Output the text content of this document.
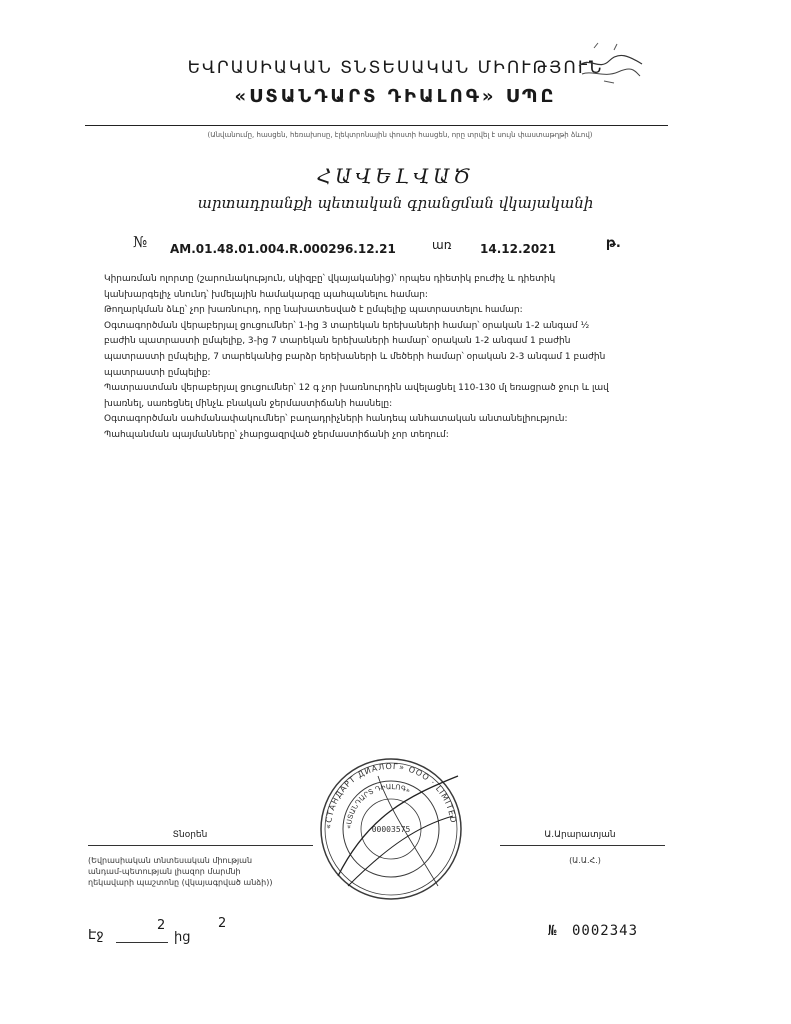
ԵՎՐԱՍԻԱԿԱՆ ՏՆՏԵՍԱԿԱՆ ՄԻՈՒԹՅՈՒՆ
«ՍՏԱՆԴԱՐՏ ԴԻԱԼՈԳ» ՍՊԸ
(Անվանումը, հասցեն, հեռախոսը, էլեկտրոնային փոստի հասցեն, որը տրվել է սույն փաստաթղթի ձևով)
ՀԱՎԵԼՎԱԾ
արտադրանքի պետական գրանցման վկայականի
№ AM.01.48.01.004.R.000296.12.21	առ 14.12.2021	թ.

Կիրառման ոլորտը (շարունակություն, սկիզբը՝ վկայականից)՝ որպես դիետիկ բուժիչ և դիետիկ

կանխարգելիչ սնունդ՝ խմելային համակարգը պահպանելու համար:

Թողարկման ձևը՝ չոր խառնուրդ, որը նախատեսված է ըմպելիք պատրաստելու համար:

Օգտագործման վերաբերյալ ցուցումներ՝ 1-ից 3 տարեկան երեխաների համար՝ օրական 1-2 անգամ ½

բաժին պատրաստի ըմպելիք, 3-ից 7 տարեկան երեխաների համար՝ օրական 1-2 անգամ 1 բաժին

պատրաստի ըմպելիք, 7 տարեկանից բարձր երեխաների և մեծերի համար՝ օրական 2-3 անգամ 1 բաժին

պատրաստի ըմպելիք:

Պատրաստման վերաբերյալ ցուցումներ՝ 12 գ չոր խառնուրդին ավելացնել 110-130 մլ եռացրած ջուր և լավ

խառնել, սառեցնել մինչև բնական ջերմաստիճանի հասնելը:

Օգտագործման սահմանափակումներ՝ բաղադրիչների հանդեպ անհատական անտանելիություն:

Պահպանման պայմանները՝ չհարցազրված ջերմաստիճանի չոր տեղում:

Տնօրեն
(Եվրասիական տնտեսական միության
անդամ-պետության լիազոր մարմնի
ղեկավարի պաշտոնը (վկայագրված անձի))
Ա.Արարատյան
(Ա.Ա.Հ.)
«СТАНДАРТ ДИАЛОГ» ООО · LIMITED
«ՍՏԱՆԴԱՐՏ ԴԻԱԼՈԳ»
00003575
Էջ
2
ից
2	№ 0002343
